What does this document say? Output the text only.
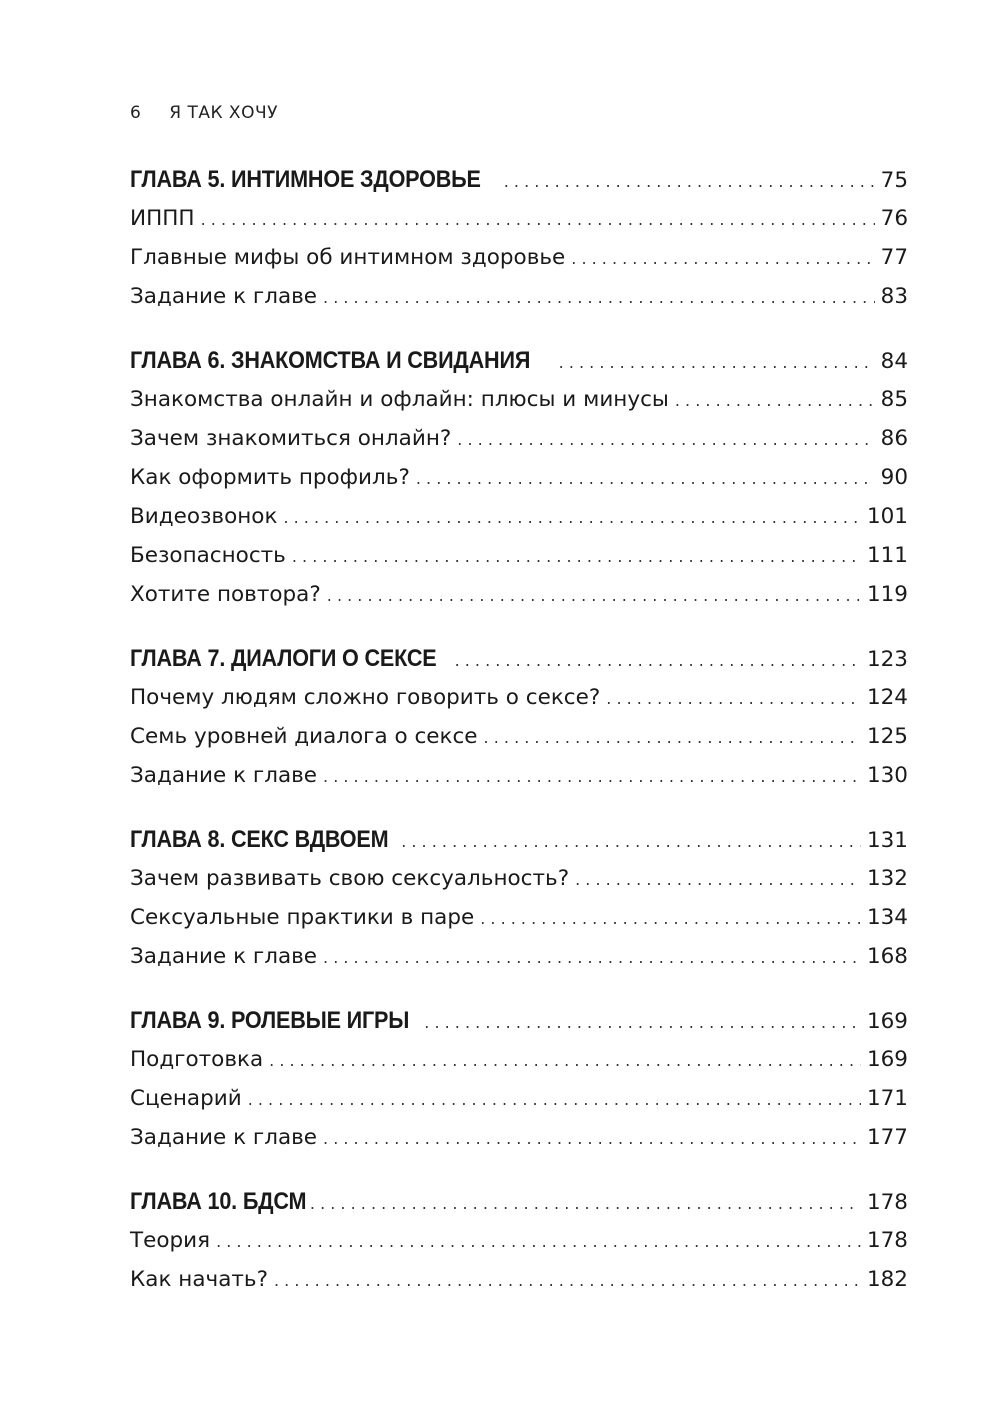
6 Я ТАК ХОЧУ
ГЛАВА 5. ИНТИМНОЕ ЗДОРОВЬЕ . . .	75
ИППП . . .	76
Главные мифы об интимном здоровье . . .	77
Задание к главе . . .	83
ГЛАВА 6. ЗНАКОМСТВА И СВИДАНИЯ . . .	84
Знакомства онлайн и офлайн: плюсы и минусы . . .	85
Зачем знакомиться онлайн? . . .	86
Как оформить профиль? . . .	90
Видеозвонок . . .	101
Безопасность . . .	111
Хотите повтора? . . .	119
ГЛАВА 7. ДИАЛОГИ О СЕКСЕ . . .	123
Почему людям сложно говорить о сексе? . . .	124
Семь уровней диалога о сексе . . .	125
Задание к главе . . .	130
ГЛАВА 8. СЕКС ВДВОЕМ . . .	131
Зачем развивать свою сексуальность? . . .	132
Сексуальные практики в паре . . .	134
Задание к главе . . .	168
ГЛАВА 9. РОЛЕВЫЕ ИГРЫ . . .	169
Подготовка . . .	169
Сценарий . . .	171
Задание к главе . . .	177
ГЛАВА 10. БДСМ . . .	178
Теория . . .	178
Как начать? . . .	182
